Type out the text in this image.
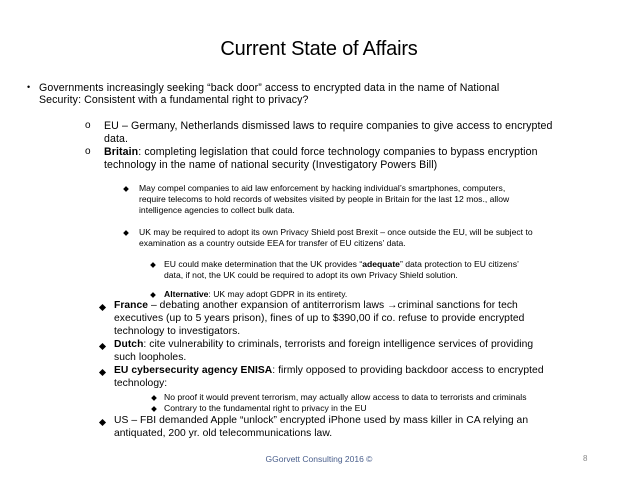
Current State of Affairs
• Governments increasingly seeking “back door” access to encrypted data in the name of National
Security: Consistent with a fundamental right to privacy?
o EU – Germany, Netherlands dismissed laws to require companies to give access to encrypted
data.
o Britain: completing legislation that could force technology companies to bypass encryption
technology in the name of national security (Investigatory Powers Bill)
May compel companies to aid law enforcement by hacking individual’s smartphones, computers,
require telecoms to hold records of websites visited by people in Britain for the last 12 mos., allow
intelligence agencies to collect bulk data.
UK may be required to adopt its own Privacy Shield post Brexit – once outside the EU, will be subject to
examination as a country outside EEA for transfer of EU citizens’ data.
EU could make determination that the UK provides “adequate” data protection to EU citizens’
data, if not, the UK could be required to adopt its own Privacy Shield solution.
Alternative: UK may adopt GDPR in its entirety.
France – debating another expansion of antiterrorism laws →criminal sanctions for tech
executives (up to 5 years prison), fines of up to $390,00 if co. refuse to provide encrypted
technology to investigators.
Dutch: cite vulnerability to criminals, terrorists and foreign intelligence services of providing
such loopholes.
EU cybersecurity agency ENISA: firmly opposed to providing backdoor access to encrypted
technology:
No proof it would prevent terrorism, may actually allow access to data to terrorists and criminals
Contrary to the fundamental right to privacy in the EU
US – FBI demanded Apple “unlock” encrypted iPhone used by mass killer in CA relying an
antiquated, 200 yr. old telecommunications law.
GGorvett Consulting 2016 ©	8
